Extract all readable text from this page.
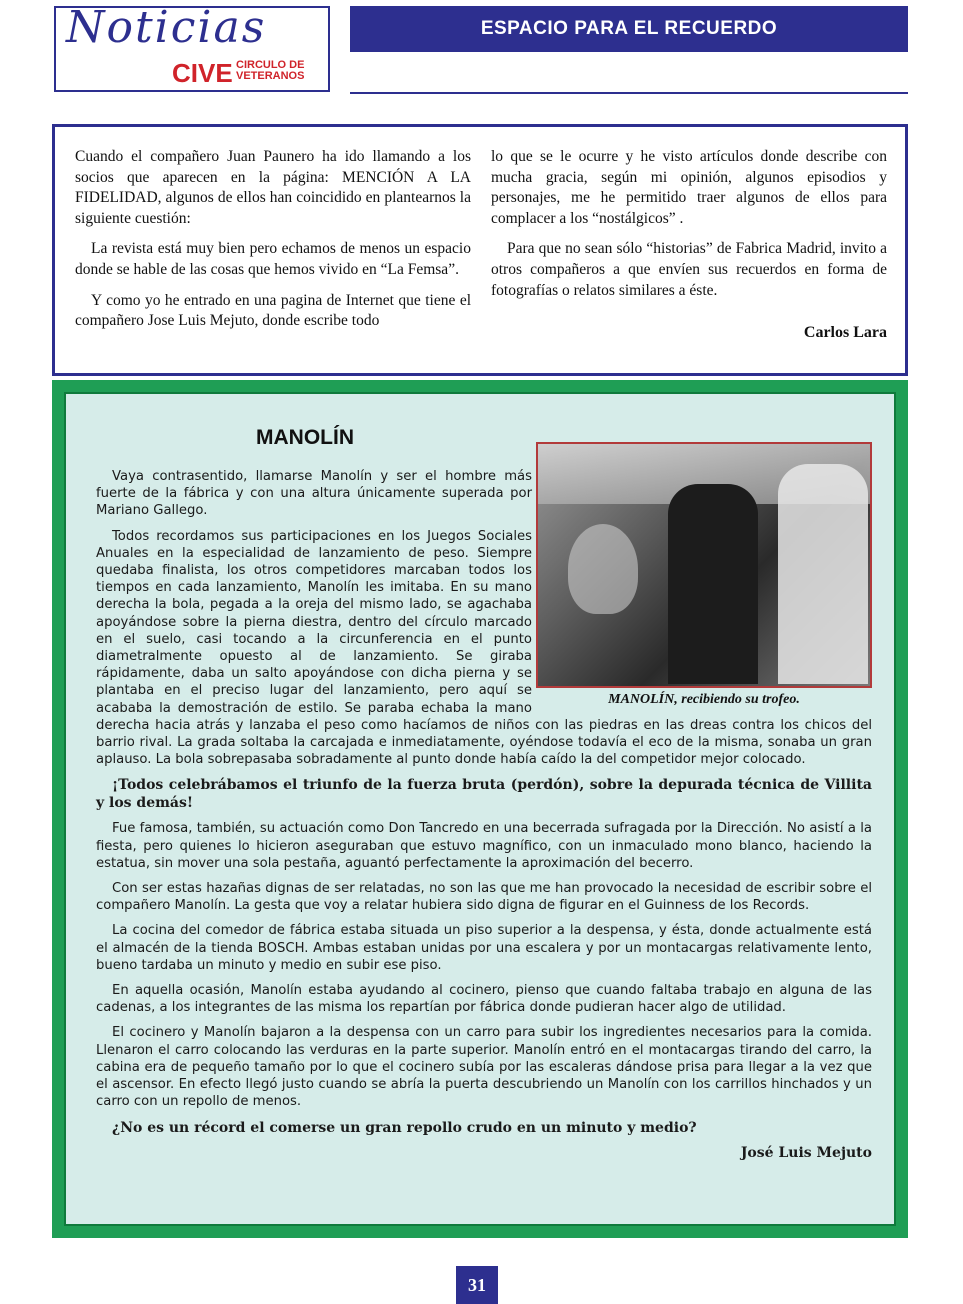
Noticias
CIVE CIRCULO DE
VETERANOS
ESPACIO PARA EL RECUERDO

Cuando el compañero Juan Paunero ha ido llamando a los socios que aparecen en la página: MENCIÓN A LA FIDELIDAD, algunos de ellos han coincidido en plantearnos la siguiente cuestión:

La revista está muy bien pero echamos de menos un espacio donde se hable de las cosas que hemos vivido en “La Femsa”.

Y como yo he entrado en una pagina de Internet que tiene el compañero Jose Luis Mejuto, donde escribe todo

lo que se le ocurre y he visto artículos donde describe con mucha gracia, según mi opinión, algunos episodios y personajes, me he permitido traer algunos de ellos para complacer a los “nostálgicos” .

Para que no sean sólo “historias” de Fabrica Madrid, invito a otros compañeros a que envíen sus recuerdos en forma de fotografías o relatos similares a éste.

Carlos Lara

MANOLÍN
MANOLÍN, recibiendo su trofeo.

Vaya contrasentido, llamarse Manolín y ser el hombre más fuerte de la fábrica y con una altura únicamente superada por Mariano Gallego.

Todos recordamos sus participaciones en los Juegos Sociales Anuales en la especialidad de lanzamiento de peso. Siempre quedaba finalista, los otros competidores marcaban todos los tiempos en cada lanzamiento, Manolín les imitaba. En su mano derecha la bola, pegada a la oreja del mismo lado, se agachaba apoyándose sobre la pierna diestra, dentro del círculo marcado en el suelo, casi tocando a la circunferencia en el punto diametralmente opuesto al de lanzamiento. Se giraba rápidamente, daba un salto apoyándose con dicha pierna y se plantaba en el preciso lugar del lanzamiento, pero aquí se acababa la demostración de estilo. Se paraba echaba la mano derecha hacia atrás y lanzaba el peso como hacíamos de niños con las piedras en las dreas contra los chicos del barrio rival. La grada soltaba la carcajada e inmediatamente, oyéndose todavía el eco de la misma, sonaba un gran aplauso. La bola sobrepasaba sobradamente al punto donde había caído la del competidor mejor colocado.

¡Todos celebrábamos el triunfo de la fuerza bruta (perdón), sobre la depurada técnica de Villita y los demás!

Fue famosa, también, su actuación como Don Tancredo en una becerrada sufragada por la Dirección. No asistí a la fiesta, pero quienes lo hicieron aseguraban que estuvo magnífico, con un inmaculado mono blanco, haciendo la estatua, sin mover una sola pestaña, aguantó perfectamente la aproximación del becerro.

Con ser estas hazañas dignas de ser relatadas, no son las que me han provocado la necesidad de escribir sobre el compañero Manolín. La gesta que voy a relatar hubiera sido digna de figurar en el Guinness de los Records.

La cocina del comedor de fábrica estaba situada un piso superior a la despensa, y ésta, donde actualmente está el almacén de la tienda BOSCH. Ambas estaban unidas por una escalera y por un montacargas relativamente lento, bueno tardaba un minuto y medio en subir ese piso.

En aquella ocasión, Manolín estaba ayudando al cocinero, pienso que cuando faltaba trabajo en alguna de las cadenas, a los integrantes de las misma los repartían por fábrica donde pudieran hacer algo de utilidad.

El cocinero y Manolín bajaron a la despensa con un carro para subir los ingredientes necesarios para la comida. Llenaron el carro colocando las verduras en la parte superior. Manolín entró en el montacargas tirando del carro, la cabina era de pequeño tamaño por lo que el cocinero subía por las escaleras dándose prisa para llegar a la vez que el ascensor. En efecto llegó justo cuando se abría la puerta descubriendo un Manolín con los carrillos hinchados y un carro con un repollo de menos.

¿No es un récord el comerse un gran repollo crudo en un minuto y medio?

José Luis Mejuto

31
